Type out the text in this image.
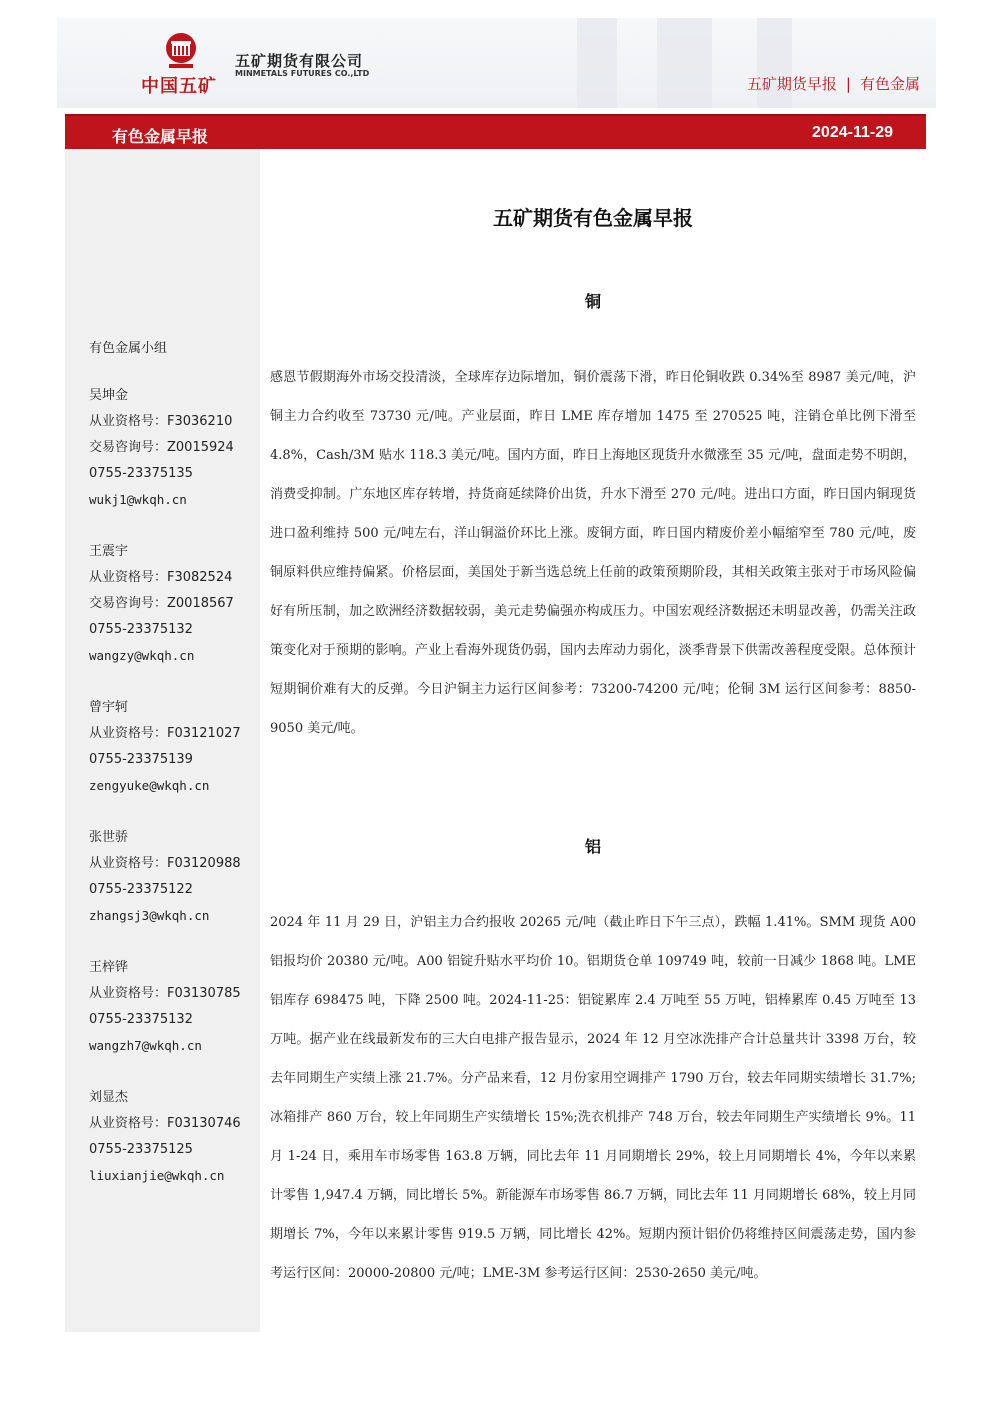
中国五矿
五矿期货有限公司
MINMETALS FUTURES CO.,LTD
五矿期货早报 | 有色金属
有色金属早报	2024-11-29
有色金属小组
吴坤金
从业资格号：F3036210
交易咨询号：Z0015924
0755-23375135
wukj1@wkqh.cn
王震宇
从业资格号：F3082524
交易咨询号：Z0018567
0755-23375132
wangzy@wkqh.cn
曾宇轲
从业资格号：F03121027
0755-23375139
zengyuke@wkqh.cn
张世骄
从业资格号：F03120988
0755-23375122
zhangsj3@wkqh.cn
王梓铧
从业资格号：F03130785
0755-23375132
wangzh7@wkqh.cn
刘显杰
从业资格号：F03130746
0755-23375125
liuxianjie@wkqh.cn
五矿期货有色金属早报
铜
感恩节假期海外市场交投清淡，全球库存边际增加，铜价震荡下滑，昨日伦铜收跌 0.34%至 8987 美元/吨，沪铜主力合约收至 73730 元/吨。产业层面，昨日 LME 库存增加 1475 至 270525 吨，注销仓单比例下滑至 4.8%，Cash/3M 贴水 118.3 美元/吨。国内方面，昨日上海地区现货升水微涨至 35 元/吨，盘面走势不明朗，消费受抑制。广东地区库存转增，持货商延续降价出货，升水下滑至 270 元/吨。进出口方面，昨日国内铜现货进口盈利维持 500 元/吨左右，洋山铜溢价环比上涨。废铜方面，昨日国内精废价差小幅缩窄至 780 元/吨，废铜原料供应维持偏紧。价格层面，美国处于新当选总统上任前的政策预期阶段，其相关政策主张对于市场风险偏好有所压制，加之欧洲经济数据较弱，美元走势偏强亦构成压力。中国宏观经济数据还未明显改善，仍需关注政策变化对于预期的影响。产业上看海外现货仍弱，国内去库动力弱化，淡季背景下供需改善程度受限。总体预计短期铜价难有大的反弹。今日沪铜主力运行区间参考：73200-74200 元/吨；伦铜 3M 运行区间参考：8850-9050 美元/吨。
铝
2024 年 11 月 29 日，沪铝主力合约报收 20265 元/吨（截止昨日下午三点），跌幅 1.41%。SMM 现货 A00 铝报均价 20380 元/吨。A00 铝锭升贴水平均价 10。铝期货仓单 109749 吨，较前一日减少 1868 吨。LME 铝库存 698475 吨，下降 2500 吨。2024-11-25：铝锭累库 2.4 万吨至 55 万吨，铝棒累库 0.45 万吨至 13 万吨。据产业在线最新发布的三大白电排产报告显示，2024 年 12 月空冰洗排产合计总量共计 3398 万台，较去年同期生产实绩上涨 21.7%。分产品来看，12 月份家用空调排产 1790 万台，较去年同期实绩增长 31.7%;冰箱排产 860 万台，较上年同期生产实绩增长 15%;洗衣机排产 748 万台，较去年同期生产实绩增长 9%。11 月 1-24 日，乘用车市场零售 163.8 万辆，同比去年 11 月同期增长 29%，较上月同期增长 4%，今年以来累计零售 1,947.4 万辆，同比增长 5%。新能源车市场零售 86.7 万辆，同比去年 11 月同期增长 68%，较上月同期增长 7%，今年以来累计零售 919.5 万辆，同比增长 42%。短期内预计铝价仍将维持区间震荡走势，国内参考运行区间：20000-20800 元/吨；LME-3M 参考运行区间：2530-2650 美元/吨。
